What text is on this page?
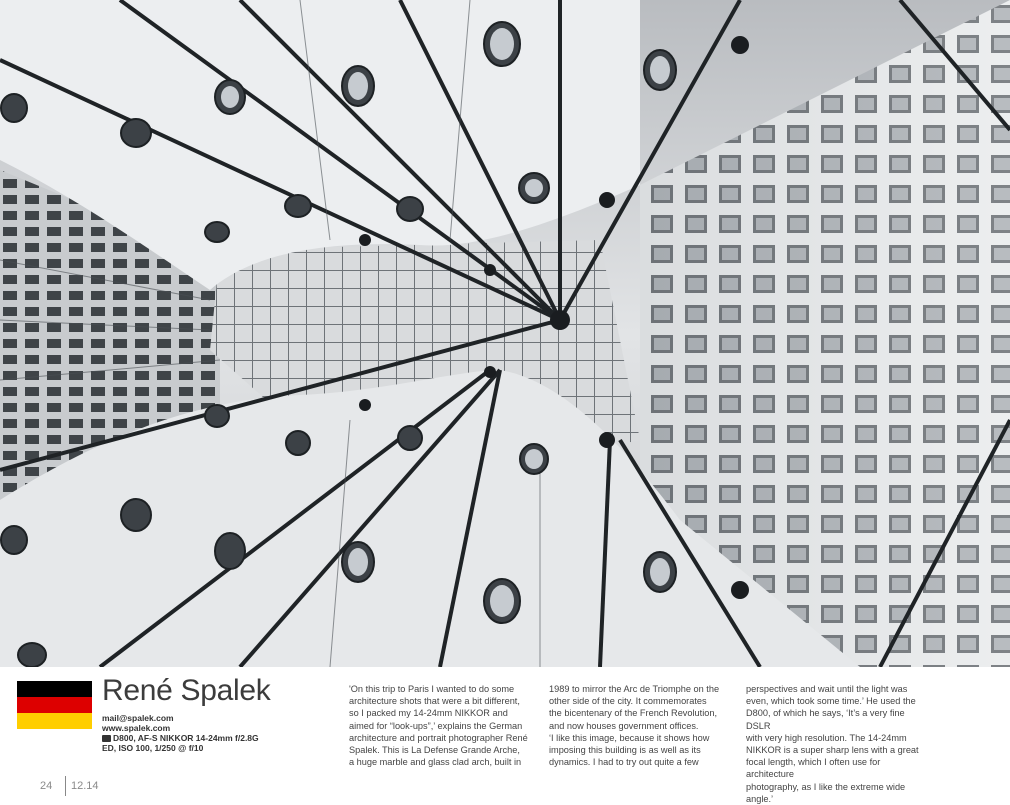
René Spalek
mail@spalek.com
www.spalek.com
D800, AF-S NIKKOR 14-24mm f/2.8G
ED, ISO 100, 1/250 @ f/10

'On this trip to Paris I wanted to do some

architecture shots that were a bit different,

so I packed my 14-24mm NIKKOR and

aimed for “look-ups”,’ explains the German

architecture and portrait photographer René

Spalek. This is La Defense Grande Arche,

a huge marble and glass clad arch, built in

1989 to mirror the Arc de Triomphe on the

other side of the city. It commemorates

the bicentenary of the French Revolution,

and now houses government offices.

‘I like this image, because it shows how

imposing this building is as well as its

dynamics. I had to try out quite a few

perspectives and wait until the light was

even, which took some time.’ He used the

D800, of which he says, ‘It’s a very fine DSLR

with very high resolution. The 14-24mm

NIKKOR is a super sharp lens with a great

focal length, which I often use for architecture

photography, as I like the extreme wide angle.’

24 12.14
